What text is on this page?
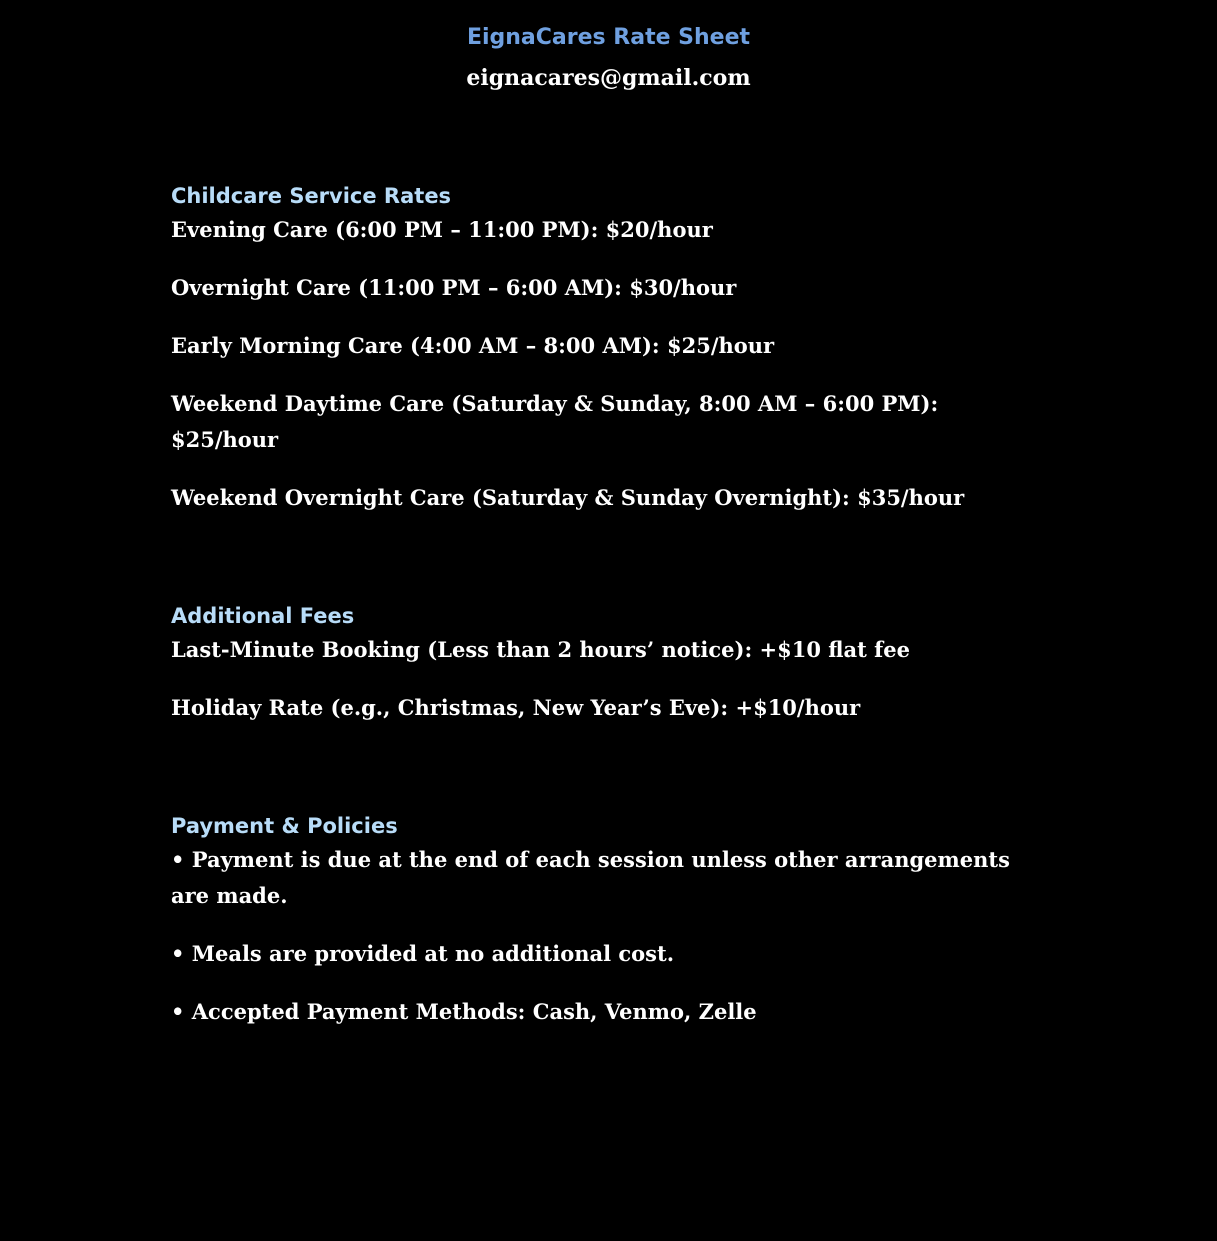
EignaCares Rate Sheet

eignacares@gmail.com

Childcare Service Rates

Evening Care (6:00 PM – 11:00 PM): $20/hour

Overnight Care (11:00 PM – 6:00 AM): $30/hour

Early Morning Care (4:00 AM – 8:00 AM): $25/hour

Weekend Daytime Care (Saturday & Sunday, 8:00 AM – 6:00 PM): $25/hour

Weekend Overnight Care (Saturday & Sunday Overnight): $35/hour

Additional Fees

Last-Minute Booking (Less than 2 hours’ notice): +$10 flat fee

Holiday Rate (e.g., Christmas, New Year’s Eve): +$10/hour

Payment & Policies

• Payment is due at the end of each session unless other arrangements are made.

• Meals are provided at no additional cost.

• Accepted Payment Methods: Cash, Venmo, Zelle
